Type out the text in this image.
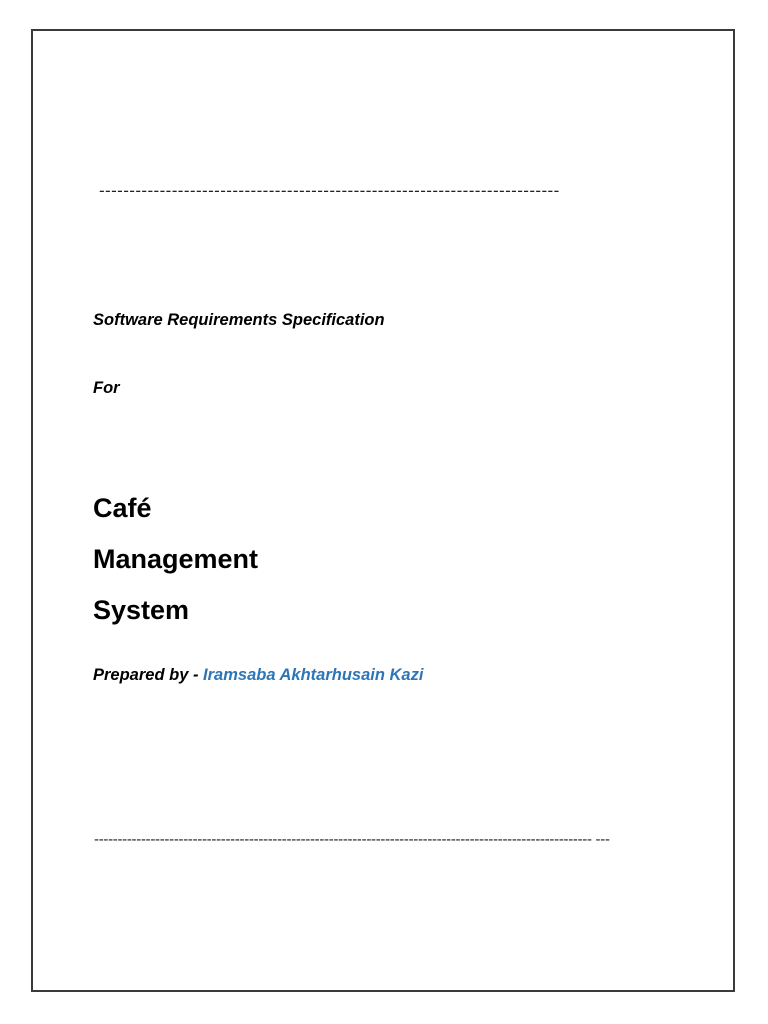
----------------------------------------------------------------------------
Software Requirements Specification
For
Café
Management
System
Prepared by - Iramsaba Akhtarhusain Kazi
---------------------------------------------------------------------------------------------------------- ---
